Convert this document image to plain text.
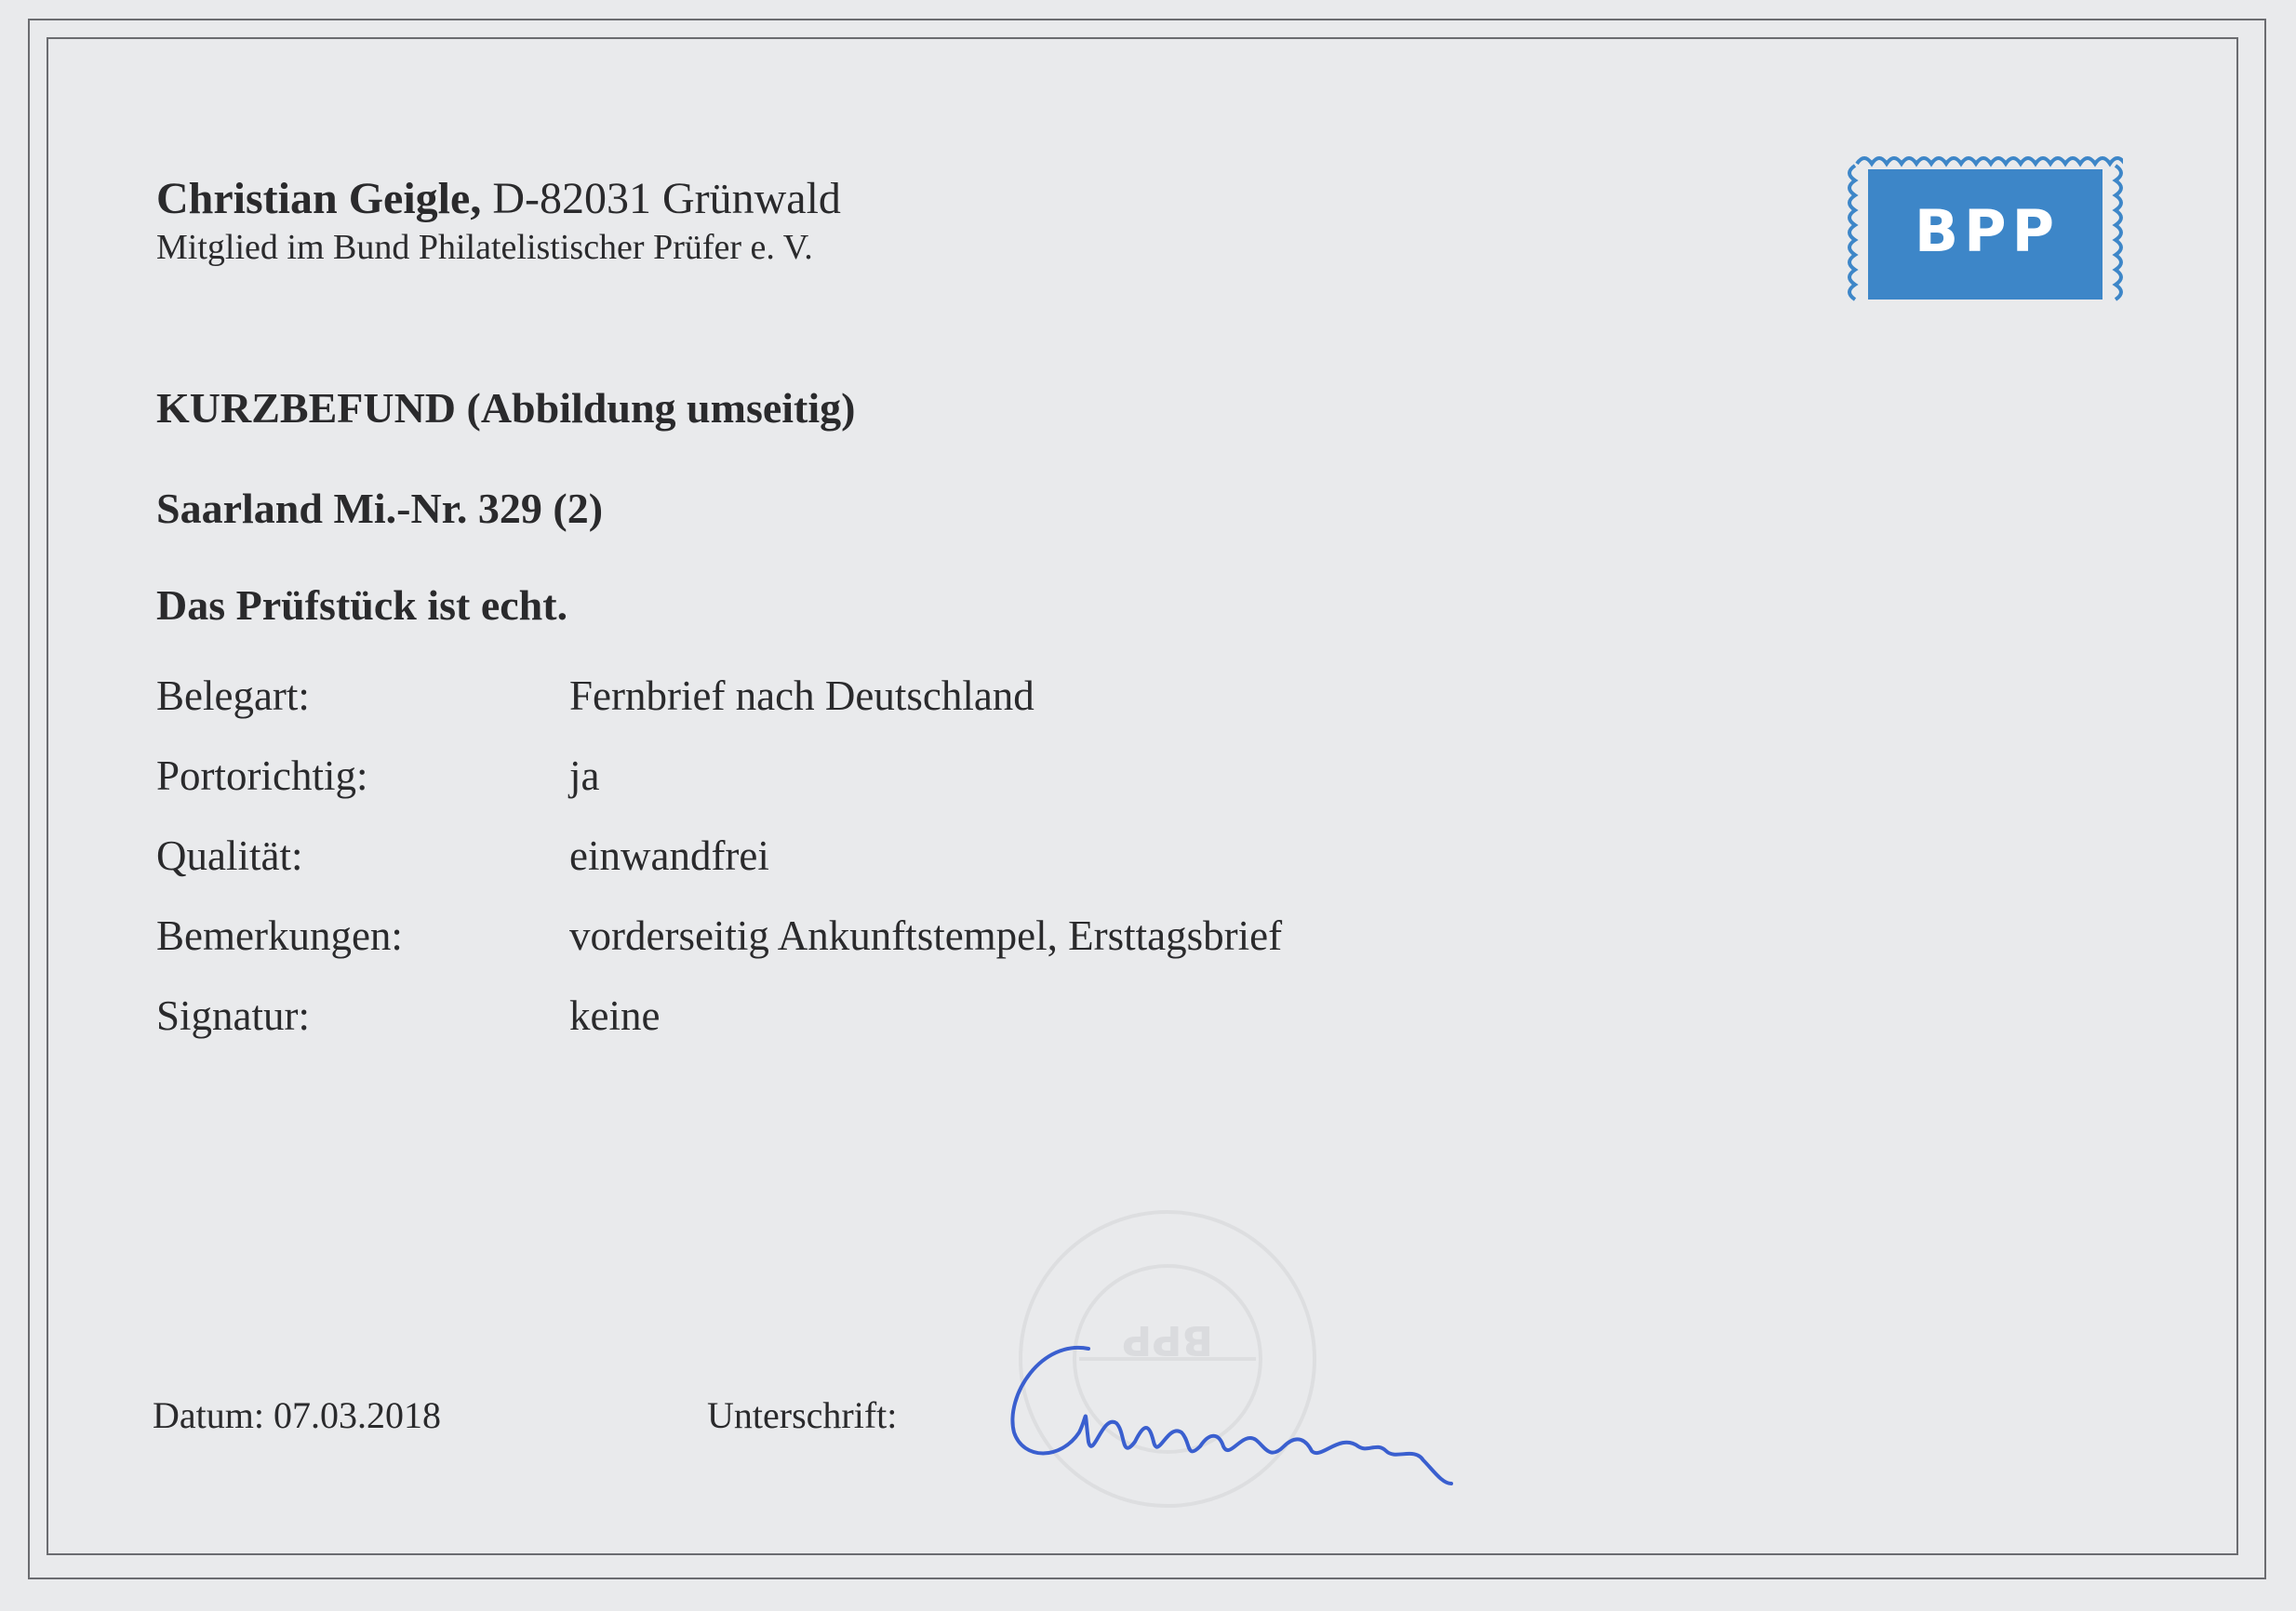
Christian Geigle, D-82031 Grünwald
Mitglied im Bund Philatelistischer Prüfer e. V.	BPP
KURZBEFUND (Abbildung umseitig)
Saarland Mi.-Nr. 329 (2)
Das Prüfstück ist echt.
Belegart:	Fernbrief nach Deutschland
Portorichtig:	ja
Qualität:	einwandfrei
Bemerkungen:	vorderseitig Ankunftstempel, Ersttagsbrief
Signatur:	keine
BPP
Datum: 07.03.2018	Unterschrift:
